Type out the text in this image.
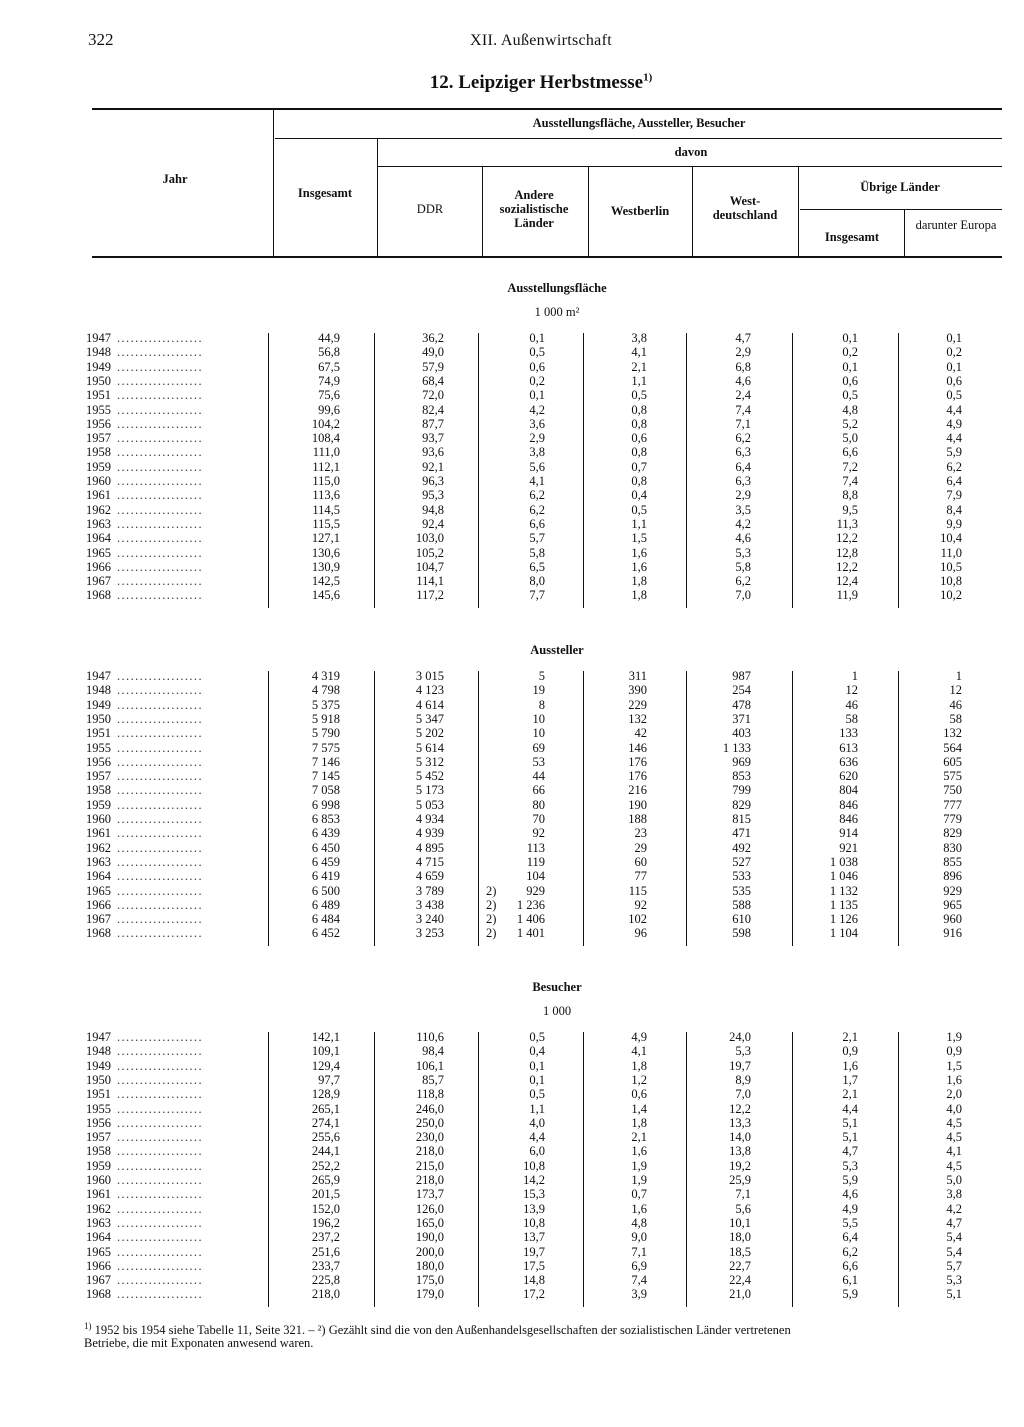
322	XII. Außenwirtschaft
12. Leipziger Herbstmesse$^{1)}$
Jahr
Ausstellungsfläche, Aussteller, Besucher
davon
Insgesamt
DDR
Andere sozialistische Länder
Westberlin
West-deutschland
Übrige Länder
Insgesamt
darunter Europa
Ausstellungsfläche
1 000 m²
1947 ...................	44,9	36,2	0,1	3,8	4,7	0,1	0,1
1948 ...................	56,8	49,0	0,5	4,1	2,9	0,2	0,2
1949 ...................	67,5	57,9	0,6	2,1	6,8	0,1	0,1
1950 ...................	74,9	68,4	0,2	1,1	4,6	0,6	0,6
1951 ...................	75,6	72,0	0,1	0,5	2,4	0,5	0,5
1955 ...................	99,6	82,4	4,2	0,8	7,4	4,8	4,4
1956 ...................	104,2	87,7	3,6	0,8	7,1	5,2	4,9
1957 ...................	108,4	93,7	2,9	0,6	6,2	5,0	4,4
1958 ...................	111,0	93,6	3,8	0,8	6,3	6,6	5,9
1959 ...................	112,1	92,1	5,6	0,7	6,4	7,2	6,2
1960 ...................	115,0	96,3	4,1	0,8	6,3	7,4	6,4
1961 ...................	113,6	95,3	6,2	0,4	2,9	8,8	7,9
1962 ...................	114,5	94,8	6,2	0,5	3,5	9,5	8,4
1963 ...................	115,5	92,4	6,6	1,1	4,2	11,3	9,9
1964 ...................	127,1	103,0	5,7	1,5	4,6	12,2	10,4
1965 ...................	130,6	105,2	5,8	1,6	5,3	12,8	11,0
1966 ...................	130,9	104,7	6,5	1,6	5,8	12,2	10,5
1967 ...................	142,5	114,1	8,0	1,8	6,2	12,4	10,8
1968 ...................	145,6	117,2	7,7	1,8	7,0	11,9	10,2
Aussteller
1947 ...................	4 319	3 015	5	311	987	1	1
1948 ...................	4 798	4 123	19	390	254	12	12
1949 ...................	5 375	4 614	8	229	478	46	46
1950 ...................	5 918	5 347	10	132	371	58	58
1951 ...................	5 790	5 202	10	42	403	133	132
1955 ...................	7 575	5 614	69	146	1 133	613	564
1956 ...................	7 146	5 312	53	176	969	636	605
1957 ...................	7 145	5 452	44	176	853	620	575
1958 ...................	7 058	5 173	66	216	799	804	750
1959 ...................	6 998	5 053	80	190	829	846	777
1960 ...................	6 853	4 934	70	188	815	846	779
1961 ...................	6 439	4 939	92	23	471	914	829
1962 ...................	6 450	4 895	113	29	492	921	830
1963 ...................	6 459	4 715	119	60	527	1 038	855
1964 ...................	6 419	4 659	104	77	533	1 046	896
1965 ...................	6 500	3 789	2) 929	115	535	1 132	929
1966 ...................	6 489	3 438	2) 1 236	92	588	1 135	965
1967 ...................	6 484	3 240	2) 1 406	102	610	1 126	960
1968 ...................	6 452	3 253	2) 1 401	96	598	1 104	916
Besucher
1 000
1947 ...................	142,1	110,6	0,5	4,9	24,0	2,1	1,9
1948 ...................	109,1	98,4	0,4	4,1	5,3	0,9	0,9
1949 ...................	129,4	106,1	0,1	1,8	19,7	1,6	1,5
1950 ...................	97,7	85,7	0,1	1,2	8,9	1,7	1,6
1951 ...................	128,9	118,8	0,5	0,6	7,0	2,1	2,0
1955 ...................	265,1	246,0	1,1	1,4	12,2	4,4	4,0
1956 ...................	274,1	250,0	4,0	1,8	13,3	5,1	4,5
1957 ...................	255,6	230,0	4,4	2,1	14,0	5,1	4,5
1958 ...................	244,1	218,0	6,0	1,6	13,8	4,7	4,1
1959 ...................	252,2	215,0	10,8	1,9	19,2	5,3	4,5
1960 ...................	265,9	218,0	14,2	1,9	25,9	5,9	5,0
1961 ...................	201,5	173,7	15,3	0,7	7,1	4,6	3,8
1962 ...................	152,0	126,0	13,9	1,6	5,6	4,9	4,2
1963 ...................	196,2	165,0	10,8	4,8	10,1	5,5	4,7
1964 ...................	237,2	190,0	13,7	9,0	18,0	6,4	5,4
1965 ...................	251,6	200,0	19,7	7,1	18,5	6,2	5,4
1966 ...................	233,7	180,0	17,5	6,9	22,7	6,6	5,7
1967 ...................	225,8	175,0	14,8	7,4	22,4	6,1	5,3
1968 ...................	218,0	179,0	17,2	3,9	21,0	5,9	5,1
$^{1)}$ 1952 bis 1954 siehe Tabelle 11, Seite 321. – ²) Gezählt sind die von den Außenhandelsgesellschaften der sozialistischen Länder vertretenen
Betriebe, die mit Exponaten anwesend waren.
